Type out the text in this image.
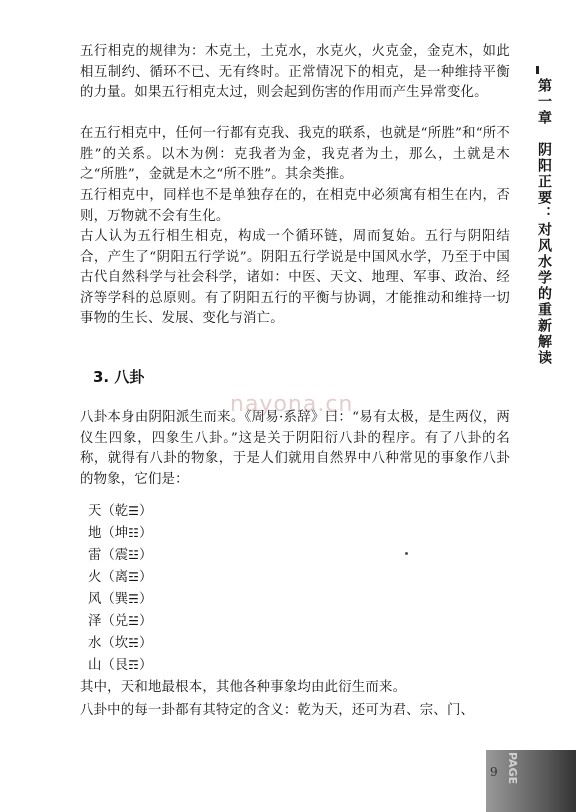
第一章　阴阳正要：对风水学的重新解读

五行相克的规律为：木克土，土克水，水克火，火克金，金克木，如此相互制约、循环不已、无有终时。正常情况下的相克，是一种维持平衡的力量。如果五行相克太过，则会起到伤害的作用而产生异常变化。

在五行相克中，任何一行都有克我、我克的联系，也就是“所胜”和“所不胜”的关系。以木为例：克我者为金，我克者为土，那么，土就是木之“所胜”，金就是木之“所不胜”。其余类推。

五行相克中，同样也不是单独存在的，在相克中必须寓有相生在内，否则，万物就不会有生化。

古人认为五行相生相克，构成一个循环链，周而复始。五行与阴阳结合，产生了“阴阳五行学说”。阴阳五行学说是中国风水学，乃至于中国古代自然科学与社会科学，诸如：中医、天文、地理、军事、政治、经济等学科的总原则。有了阴阳五行的平衡与协调，才能推动和维持一切事物的生长、发展、变化与消亡。

3. 八卦
nayona.cn

八卦本身由阴阳派生而来。《周易·系辞》曰：“易有太极，是生两仪，两仪生四象，四象生八卦。”这是关于阴阳衍八卦的程序。有了八卦的名称，就得有八卦的物象，于是人们就用自然界中八种常见的事象作八卦的物象，它们是：

天（乾☰）
地（坤☷）
雷（震☳）
火（离☲）
风（巽☴）
泽（兑☱）
水（坎☵）
山（艮☶）

其中，天和地最根本，其他各种事象均由此衍生而来。

八卦中的每一卦都有其特定的含义：乾为天，还可为君、宗、门、

9 PAGE
